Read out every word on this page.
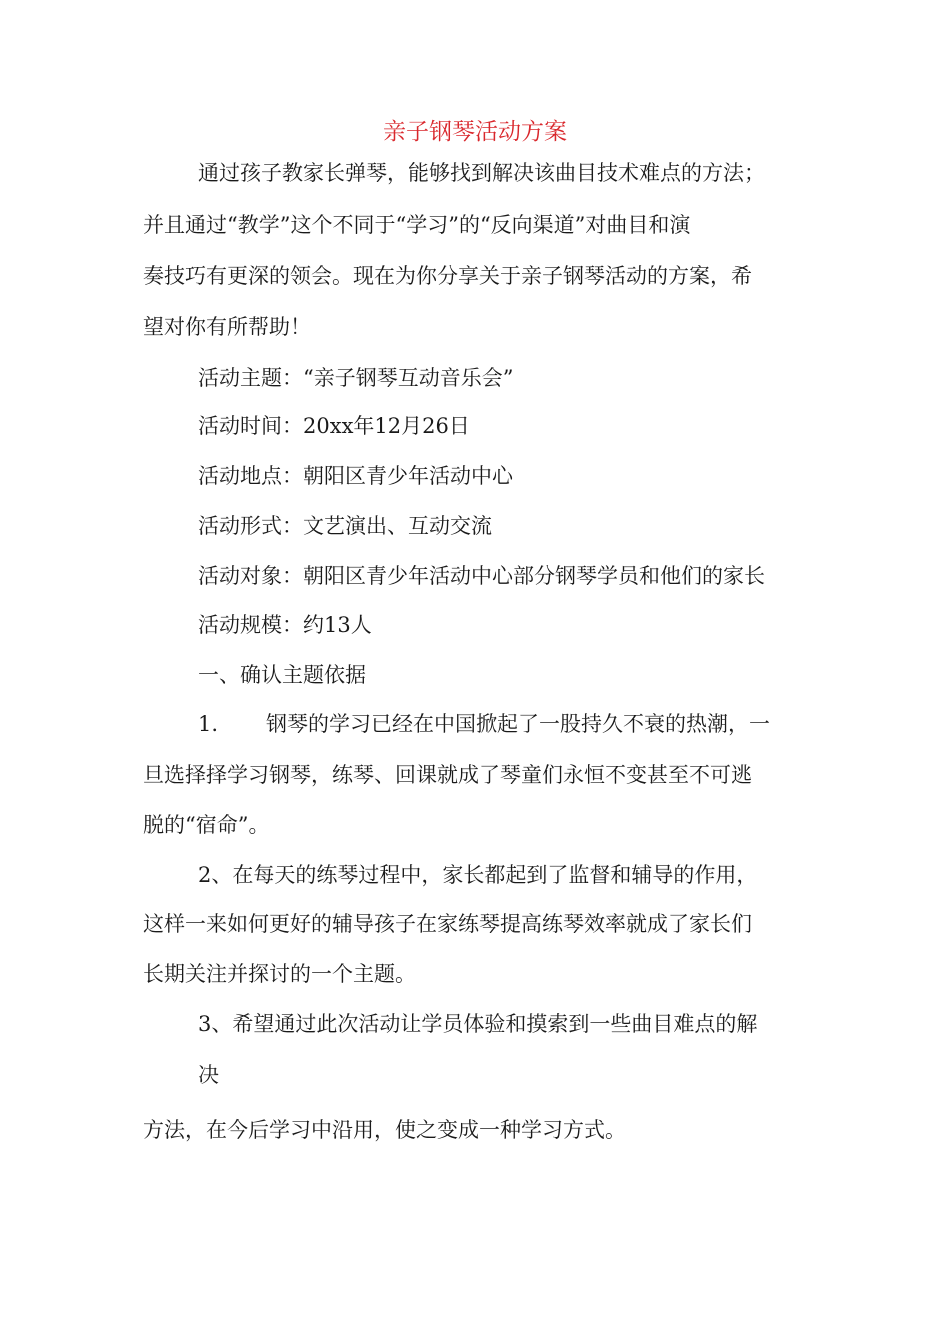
亲子钢琴活动方案
通过孩子教家长弹琴，能够找到解决该曲目技术难点的方法；
并且通过“教学”这个不同于“学习”的“反向渠道”对曲目和演
奏技巧有更深的领会。现在为你分享关于亲子钢琴活动的方案，希
望对你有所帮助！
活动主题：“亲子钢琴互动音乐会”
活动时间：20xx年12月26日
活动地点：朝阳区青少年活动中心
活动形式：文艺演出、互动交流
活动对象：朝阳区青少年活动中心部分钢琴学员和他们的家长
活动规模：约13人
一、确认主题依据
1. 钢琴的学习已经在中国掀起了一股持久不衰的热潮，一
旦选择择学习钢琴，练琴、回课就成了琴童们永恒不变甚至不可逃
脱的“宿命”。
2、在每天的练琴过程中，家长都起到了监督和辅导的作用，
这样一来如何更好的辅导孩子在家练琴提高练琴效率就成了家长们
长期关注并探讨的一个主题。
3、希望通过此次活动让学员体验和摸索到一些曲目难点的解
决
方法，在今后学习中沿用，使之变成一种学习方式。
